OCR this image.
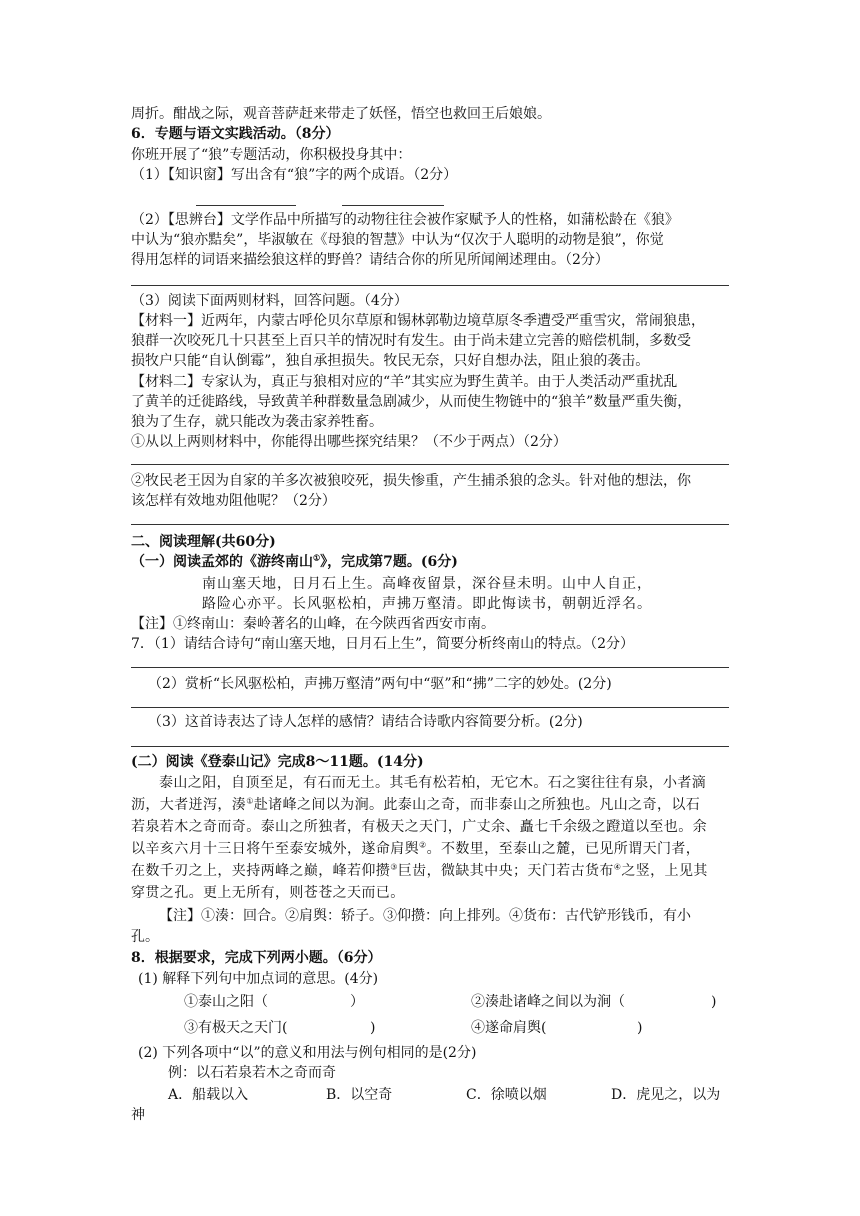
周折。酣战之际，观音菩萨赶来带走了妖怪，悟空也救回王后娘娘。
6．专题与语文实践活动。（8分）
你班开展了“狼”专题活动，你积极投身其中：
（1）【知识窗】写出含有“狼”字的两个成语。（2分）
（2）【思辨台】文学作品中所描写的动物往往会被作家赋予人的性格，如蒲松龄在《狼》
中认为“狼亦黠矣”，毕淑敏在《母狼的智慧》中认为“仅次于人聪明的动物是狼”，你觉
得用怎样的词语来描绘狼这样的野兽？请结合你的所见所闻阐述理由。（2分）
（3）阅读下面两则材料，回答问题。（4分）
【材料一】近两年，内蒙古呼伦贝尔草原和锡林郭勒边境草原冬季遭受严重雪灾，常闹狼患，
狼群一次咬死几十只甚至上百只羊的情况时有发生。由于尚未建立完善的赔偿机制，多数受
损牧户只能“自认倒霉”，独自承担损失。牧民无奈，只好自想办法，阻止狼的袭击。
【材料二】专家认为，真正与狼相对应的“羊”其实应为野生黄羊。由于人类活动严重扰乱
了黄羊的迁徙路线，导致黄羊种群数量急剧减少，从而使生物链中的“狼羊”数量严重失衡，
狼为了生存，就只能改为袭击家养牲畜。
①从以上两则材料中，你能得出哪些探究结果？（不少于两点）（2分）
②牧民老王因为自家的羊多次被狼咬死，损失惨重，产生捕杀狼的念头。针对他的想法，你
该怎样有效地劝阻他呢？（2分）
二、阅读理解(共60分)
（一）阅读孟郊的《游终南山①》，完成第7题。(6分)
南山塞天地，日月石上生。高峰夜留景，深谷昼未明。山中人自正，
路险心亦平。长风驱松柏，声拂万壑清。即此悔读书，朝朝近浮名。
【注】①终南山：秦岭著名的山峰，在今陕西省西安市南。
7．（1）请结合诗句“南山塞天地，日月石上生”，简要分析终南山的特点。（2分）
（2）赏析“长风驱松柏，声拂万壑清”两句中“驱”和“拂”二字的妙处。(2分)
（3）这首诗表达了诗人怎样的感情？请结合诗歌内容简要分析。(2分)
(二）阅读《登泰山记》完成8～11题。(14分)
泰山之阳，自顶至足，有石而无土。其毛有松若柏，无它木。石之窦往往有泉，小者滴
沥，大者迸泻，湊①赴诸峰之间以为涧。此泰山之奇，而非泰山之所独也。凡山之奇，以石
若泉若木之奇而奇。泰山之所独者，有极天之天门，广丈余、矗七千余级之蹬道以至也。余
以辛亥六月十三日将午至泰安城外，遂命肩舆②。不数里，至泰山之麓，已见所谓天门者，
在数千刃之上，夹持两峰之巅，峰若仰攒③巨齿，微缺其中央；天门若古货布④之竖，上见其
穿贯之孔。更上无所有，则苍苍之天而已。
【注】①湊：回合。②肩舆：轿子。③仰攒：向上排列。④货布：古代铲形钱币，有小
孔。
8．根据要求，完成下列两小题。（6分）
(1) 解释下列句中加点词的意思。(4分)
①泰山之阳（	）	②湊赴诸峰之间以为涧（	)
③有极天之天门(	)	④遂命肩舆(	)
(2) 下列各项中“以”的意义和用法与例句相同的是(2分)
例：以石若泉若木之奇而奇
A．船载以入	B．以空奇	C．徐喷以烟	D．虎见之，以为
神
